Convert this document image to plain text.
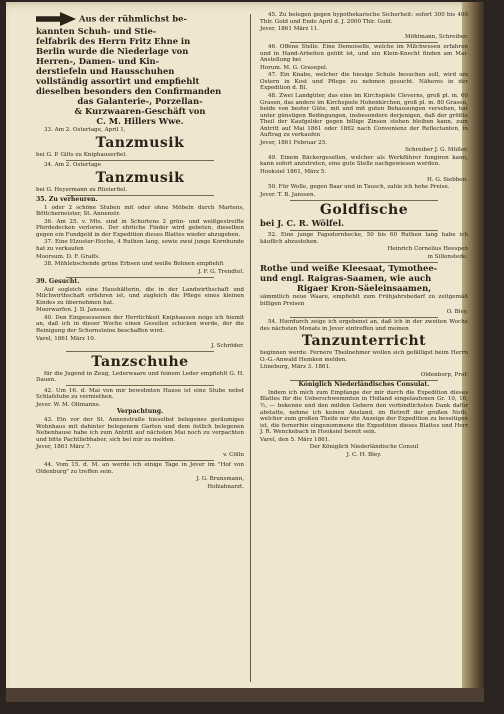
Aus der rühmlichst be-

kannten Schuh- und Stie-

felfabrik des Herrn Fritz Ehne in

Berlin wurde die Niederlage von

Herren-, Damen- und Kin-

derstiefeln und Hausschuhen

vollständig assortirt und empfiehlt

dieselben besonders den Confirmanden

das Galanterie-, Porzellan-

& Kurzwaaren-Geschäft von

C. M. Hillers Wwe.

33. Am 2. Ostertage, April 1,

Tanzmusik

bei G. P. Gilts zu Kniphauserfiel.

34. Am 2. Ostertage

Tanzmusik

bei G. Heyermann zu Rüsterfiel.

35. Zu verheuren.

1 oder 2 schöne Stuben mit oder ohne Möbeln durch Martens, Böttcherneister, St. Annenstr.

36. Am 25. v. Mts. sind in Schortens 2 grün- und weißgestreifte Pferdedecken verloren. Der ehrliche Finder wird gebeten, dieselben gegen ein Fundgeld in der Expedition dieses Blattes wieder abzugeben.

37. Eine Elzuster-Hoche, 4 Ruthen lang, sowie zwei junge Kornhunde hat zu verkaufen

Moorsum. D. F. Gralfs.

38. Mühlebschende grüne Erbsen und weiße Bohnen empfiehlt

J. F. G. Trendtel.

39. Gesucht.

Auf sogleich eine Haushälterin, die in der Landwirthschaft und Milchwirthschaft erfahren ist, und zugleich die Pflege eines kleinen Kindes zu übernehmen hat.

Moorwarfen. J. D. Janssen.

40. Den Eingesessenen der Herrlichkeit Kniphausen zeige ich hiemit an, daß ich in dieser Woche einen Gesellen schicken werde, der die Reinigung der Schornsteine beschaffen wird.

Varel, 1861 März 10.

J. Schröder.

Tanzschuhe

für die Jugend in Zeug, Lederwaare und feinem Leder empfiehlt G. H. Dauen.

42. Um 16. d. Mai von mir bewohnten Hause ist eine Stube nebst Schlafstube zu vermiethen.

Jever. W. M. Oltmanns.

Verpachtung.

43. Ein vor der St. Annenstraße hieselbst belegenes geräumiges Wohnhaus mit dahinter belegenem Garten und dem östlich belegenen Nebenhause habe ich zum Antritt auf nächsten Mai noch zu verpachten und bitte Pachtliebhaber, sich bei mir zu melden.

Jever, 1861 März 7.

v. Cölln

44. Vom 15. d. M. an werde ich einige Tage in Jever im "Hof von Oldenburg" zu treffen sein.

J. G. Brunsmann,

Hofzahnarzt.

45. Zu belegen gegen hypothekarische Sicherheit: sofort 300 bis 400 Thlr. Gold und Ende April d. J. 2000 Thlr. Gold.

Jever, 1861 März 11.

Möhlmann, Schreiber.

46. Offene Stelle. Eine Demoiselle, welche im Milchwesen erfahren und in Hand-Arbeiten geübt ist, und ein Klein-Knecht finden am Mai-Anstellung bei

Horum. M. G. Grasepel.

47. Ein Knabe, welcher die hiesige Schule besuchen soll, wird um Ostern in Kost und Pflege zu nehmen gesucht. Näheres in der Expedition d. Bl.

48. Zwei Landgüter, das eine im Kirchspiele Cleverns, groß pl. m. 60 Grasen, das andere im Kirchspiele Hohenkirchen, groß pl. m. 80 Grasen, beide von bester Güte, mit und mit guten Behausungen versehen, hat unter günstigen Bedingungen, insbesondere derjenigen, daß der größte Theil der Kaufgelder gegen billige Zinsen stehen bleiben kann, zum Antritt auf Mai 1861 oder 1862 nach Convenienz der Reflectanten, in Auftrag zu verkaufen

Jever, 1861 Februar 25.

Schreiber J. G. Müller.

49. Einem Bäckergesellen, welcher als Werkführer fungiren kann, kann sofort anzutreten, eine gute Stelle nachgewiesen werden.

Hooksiel 1861, März 5.

H. G. Siebben.

50. Für Wolle, gegen Baar und in Tausch, zahle ich hohe Preise.

Jever. T. B. Janssen.

Goldfische

bei J. C. R. Wölfel.

52. Eine junge Fagedornhecke, 50 bis 60 Ruthen lang habe ich käuflich abzustehen.

Heinrich Cornelius Heespen

in Sillenstede.

Rothe und weiße Kleesaat, Tymothee-

und engl. Raigras-Saamen, wie auch

Rigaer Kron-Säeleinsaamen,

sämmtlich neue Waare, empfiehlt zum Frühjahrsbedarf zu zeitgemäß billigen Preisen

O. Bley.

54. Hierdurch zeige ich ergebenst an, daß ich in der zweiten Woche des nächsten Monats in Jever eintreffen und meinen

Tanzunterricht

beginnen werde. Fernere Theilnehmer wollen sich gefälligst beim Herrn O.-G.-Anwald Hemken melden.

Lüneburg, März 3. 1861.

Oldenborp, Prof.

Königlich Niederländisches Consulat.

Indem ich mich zum Empfange der mir durch die Expedition dieses Blattes für die Ueberschwemmten in Holland eingelaufenen Gr. 10, 10, ½, — bekenne und den milden Gebern den verbindlichsten Dank dafür abstatte, nehme ich keinen Anstand, im Betreff der großen Noth, welcher zum großen Theile nur die Anzeige der Expedition zu beseitigen ist, die fernerhin eingenommene die Expedition dieses Blattes und Herr J. R. Wenckebach in Hooksiel bereit sein.

Varel, den 5. März 1861.

Der Königlich Niederländische Consul

J. C. H. Bley.
